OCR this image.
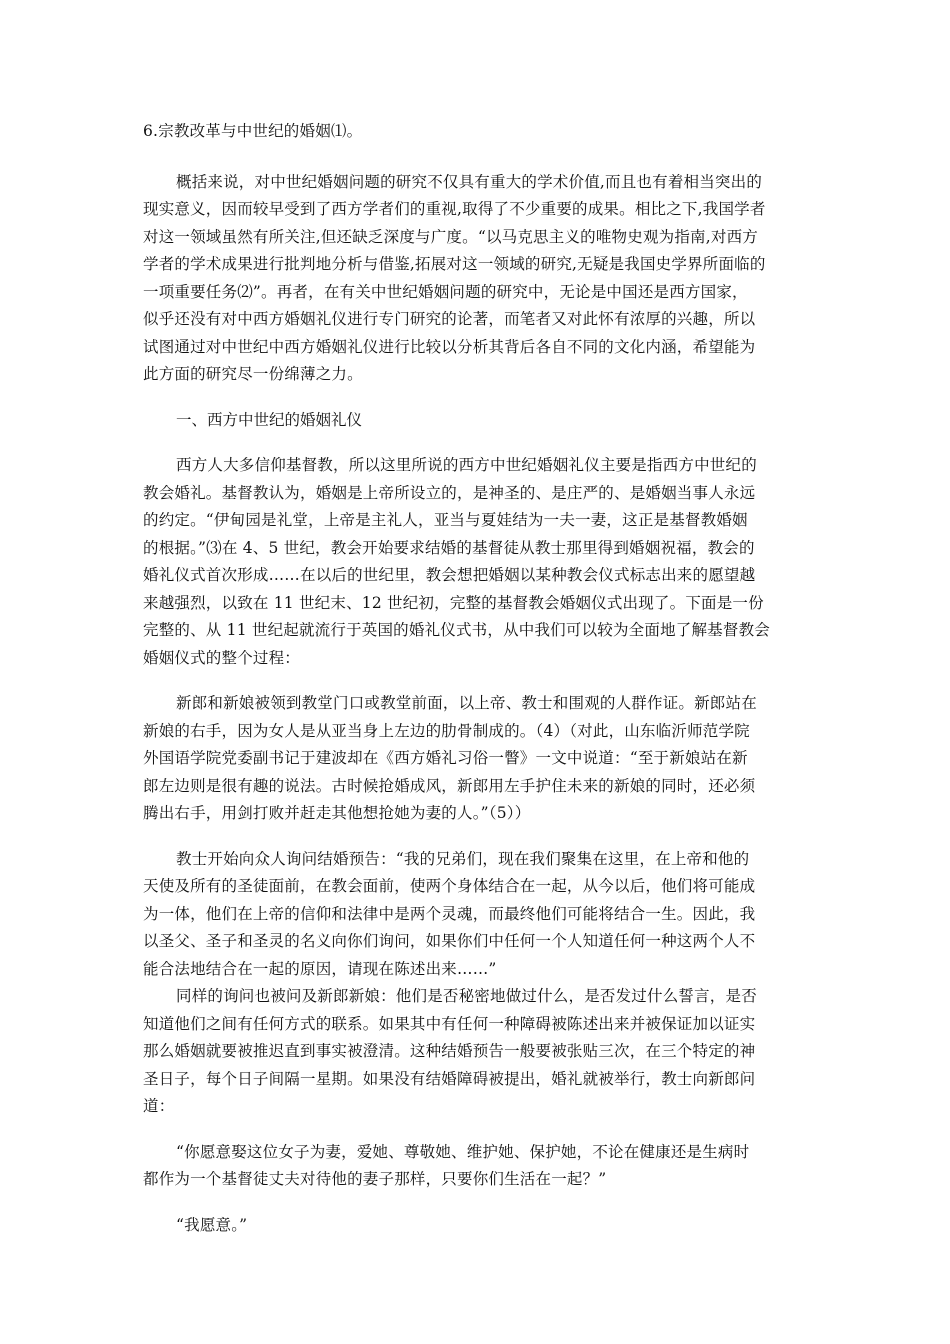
6.宗教改革与中世纪的婚姻⑴。

概括来说，对中世纪婚姻问题的研究不仅具有重大的学术价值,而且也有着相当突出的

现实意义，因而较早受到了西方学者们的重视,取得了不少重要的成果。相比之下,我国学者

对这一领域虽然有所关注,但还缺乏深度与广度。“以马克思主义的唯物史观为指南,对西方

学者的学术成果进行批判地分析与借鉴,拓展对这一领域的研究,无疑是我国史学界所面临的

一项重要任务⑵”。再者，在有关中世纪婚姻问题的研究中，无论是中国还是西方国家，

似乎还没有对中西方婚姻礼仪进行专门研究的论著，而笔者又对此怀有浓厚的兴趣，所以

试图通过对中世纪中西方婚姻礼仪进行比较以分析其背后各自不同的文化内涵，希望能为

此方面的研究尽一份绵薄之力。

一、西方中世纪的婚姻礼仪

西方人大多信仰基督教，所以这里所说的西方中世纪婚姻礼仪主要是指西方中世纪的

教会婚礼。基督教认为，婚姻是上帝所设立的，是神圣的、是庄严的、是婚姻当事人永远

的约定。“伊甸园是礼堂，上帝是主礼人，亚当与夏娃结为一夫一妻，这正是基督教婚姻

的根据。”⑶在 4、5 世纪，教会开始要求结婚的基督徒从教士那里得到婚姻祝福，教会的

婚礼仪式首次形成……在以后的世纪里，教会想把婚姻以某种教会仪式标志出来的愿望越

来越强烈，以致在 11 世纪末、12 世纪初，完整的基督教会婚姻仪式出现了。下面是一份

完整的、从 11 世纪起就流行于英国的婚礼仪式书，从中我们可以较为全面地了解基督教会

婚姻仪式的整个过程：

新郎和新娘被领到教堂门口或教堂前面，以上帝、教士和围观的人群作证。新郎站在

新娘的右手，因为女人是从亚当身上左边的肋骨制成的。（4）（对此，山东临沂师范学院

外国语学院党委副书记于建波却在《西方婚礼习俗一瞥》一文中说道：“至于新娘站在新

郎左边则是很有趣的说法。古时候抢婚成风，新郎用左手护住未来的新娘的同时，还必须

腾出右手，用剑打败并赶走其他想抢她为妻的人。”（5））

教士开始向众人询问结婚预告：“我的兄弟们，现在我们聚集在这里，在上帝和他的

天使及所有的圣徒面前，在教会面前，使两个身体结合在一起，从今以后，他们将可能成

为一体，他们在上帝的信仰和法律中是两个灵魂，而最终他们可能将结合一生。因此，我

以圣父、圣子和圣灵的名义向你们询问，如果你们中任何一个人知道任何一种这两个人不

能合法地结合在一起的原因，请现在陈述出来……”

同样的询问也被问及新郎新娘：他们是否秘密地做过什么，是否发过什么誓言，是否

知道他们之间有任何方式的联系。如果其中有任何一种障碍被陈述出来并被保证加以证实

那么婚姻就要被推迟直到事实被澄清。这种结婚预告一般要被张贴三次，在三个特定的神

圣日子，每个日子间隔一星期。如果没有结婚障碍被提出，婚礼就被举行，教士向新郎问

道：

“你愿意娶这位女子为妻，爱她、尊敬她、维护她、保护她，不论在健康还是生病时

都作为一个基督徒丈夫对待他的妻子那样，只要你们生活在一起？”

“我愿意。”
